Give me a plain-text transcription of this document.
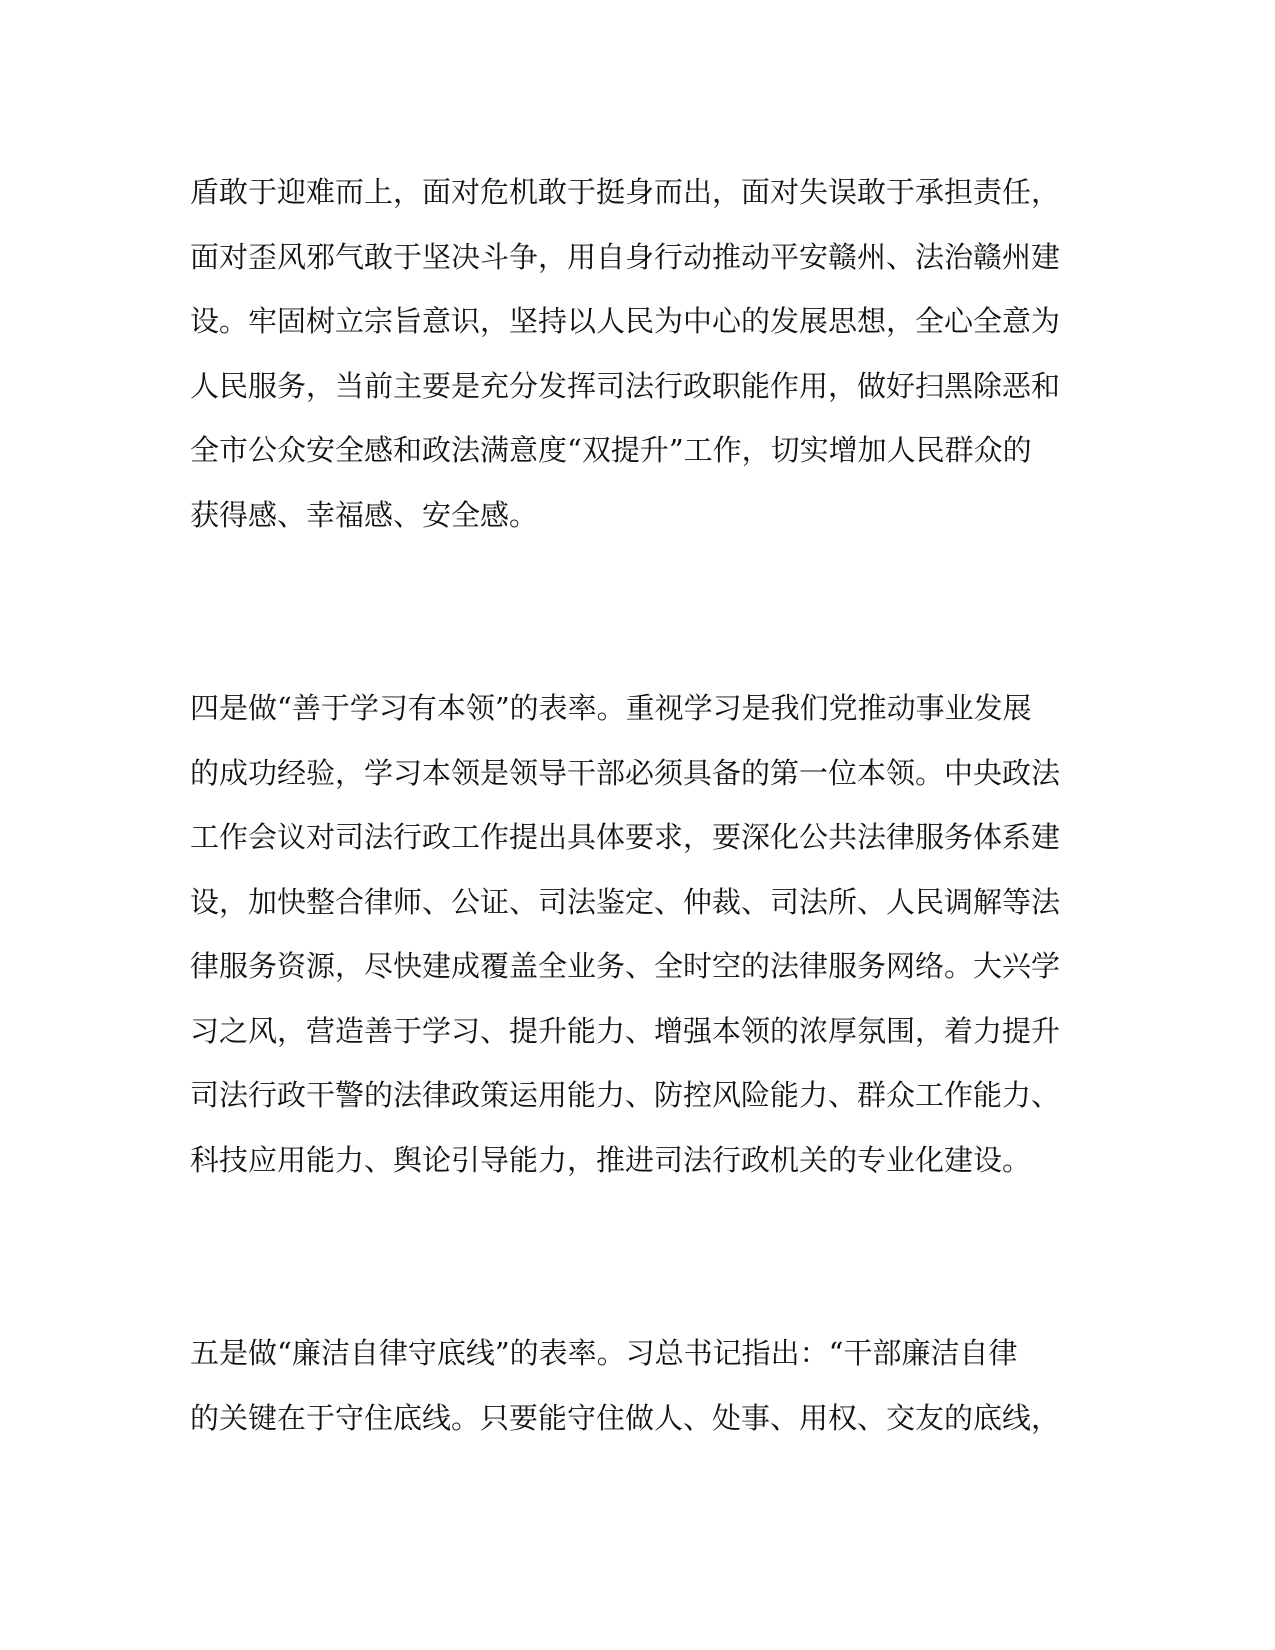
盾敢于迎难而上，面对危机敢于挺身而出，面对失误敢于承担责任，
面对歪风邪气敢于坚决斗争，用自身行动推动平安赣州、法治赣州建
设。牢固树立宗旨意识，坚持以人民为中心的发展思想，全心全意为
人民服务，当前主要是充分发挥司法行政职能作用，做好扫黑除恶和
全市公众安全感和政法满意度“双提升”工作，切实增加人民群众的
获得感、幸福感、安全感。
四是做“善于学习有本领”的表率。重视学习是我们党推动事业发展
的成功经验，学习本领是领导干部必须具备的第一位本领。中央政法
工作会议对司法行政工作提出具体要求，要深化公共法律服务体系建
设，加快整合律师、公证、司法鉴定、仲裁、司法所、人民调解等法
律服务资源，尽快建成覆盖全业务、全时空的法律服务网络。大兴学
习之风，营造善于学习、提升能力、增强本领的浓厚氛围，着力提升
司法行政干警的法律政策运用能力、防控风险能力、群众工作能力、
科技应用能力、舆论引导能力，推进司法行政机关的专业化建设。
五是做“廉洁自律守底线”的表率。习总书记指出：“干部廉洁自律
的关键在于守住底线。只要能守住做人、处事、用权、交友的底线，
